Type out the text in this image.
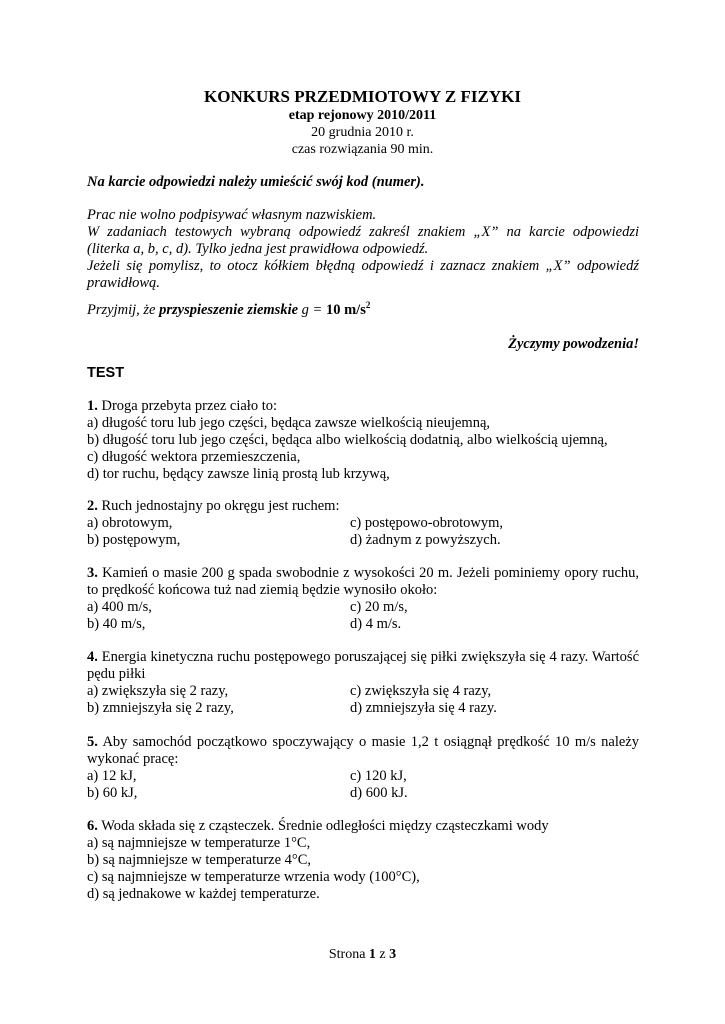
KONKURS PRZEDMIOTOWY Z FIZYKI
etap rejonowy 2010/2011
20 grudnia 2010 r.
czas rozwiązania 90 min.
Na karcie odpowiedzi należy umieścić swój kod (numer).
Prac nie wolno podpisywać własnym nazwiskiem.
W zadaniach testowych wybraną odpowiedź zakreśl znakiem „X” na karcie odpowiedzi (literka a, b, c, d). Tylko jedna jest prawidłowa odpowiedź.
Jeżeli się pomylisz, to otocz kółkiem błędną odpowiedź i zaznacz znakiem „X” odpowiedź prawidłową.
Przyjmij, że przyspieszenie ziemskie g = 10 $m/s^2$
Życzymy powodzenia!
TEST
1. Droga przebyta przez ciało to:
a) długość toru lub jego części, będąca zawsze wielkością nieujemną,
b) długość toru lub jego części, będąca albo wielkością dodatnią, albo wielkością ujemną,
c) długość wektora przemieszczenia,
d) tor ruchu, będący zawsze linią prostą lub krzywą,
2. Ruch jednostajny po okręgu jest ruchem:
a) obrotowym,	c) postępowo-obrotowym,
b) postępowym,	d) żadnym z powyższych.
3. Kamień o masie 200 g spada swobodnie z wysokości 20 m. Jeżeli pominiemy opory ruchu, to prędkość końcowa tuż nad ziemią będzie wynosiło około:
a) 400 m/s,	c) 20 m/s,
b) 40 m/s,	d) 4 m/s.
4. Energia kinetyczna ruchu postępowego poruszającej się piłki zwiększyła się 4 razy. Wartość pędu piłki
a) zwiększyła się 2 razy,	c) zwiększyła się 4 razy,
b) zmniejszyła się 2 razy,	d) zmniejszyła się 4 razy.
5. Aby samochód początkowo spoczywający o masie 1,2 t osiągnął prędkość 10 m/s należy wykonać pracę:
a) 12 kJ,	c) 120 kJ,
b) 60 kJ,	d) 600 kJ.
6. Woda składa się z cząsteczek. Średnie odległości między cząsteczkami wody
a) są najmniejsze w temperaturze 1°C,
b) są najmniejsze w temperaturze 4°C,
c) są najmniejsze w temperaturze wrzenia wody (100°C),
d) są jednakowe w każdej temperaturze.
Strona 1 z 3
